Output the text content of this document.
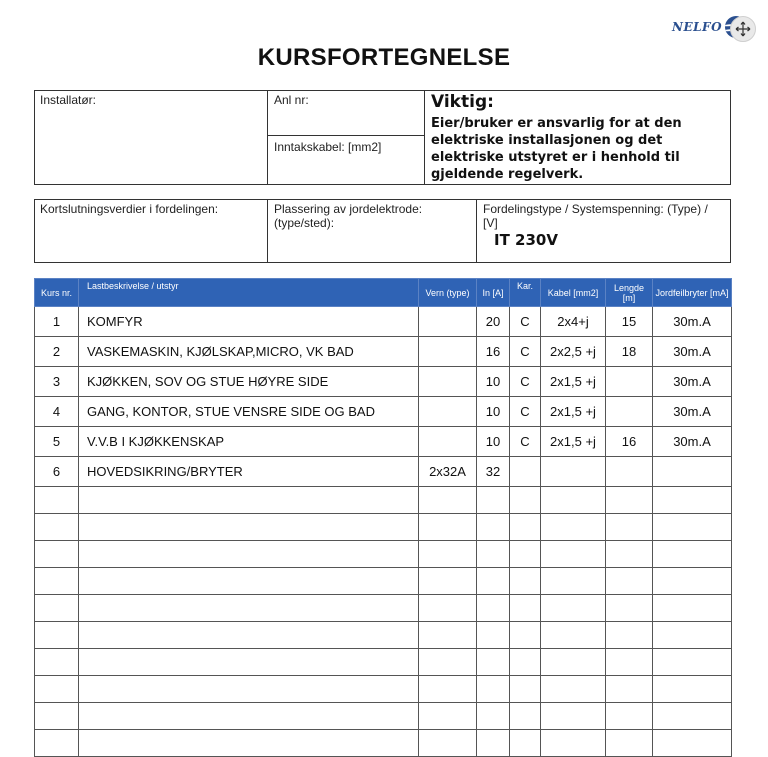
NELFO
KURSFORTEGNELSE
Installatør:	Anl nr:
Inntakskabel: [mm2]
Viktig:
Eier/bruker er ansvarlig for at den elektriske installasjonen og det elektriske utstyret er i henhold til gjeldende regelverk.
Kortslutningsverdier i fordelingen:	Plassering av jordelektrode: (type/sted):
Fordelingstype / Systemspenning: (Type) / [V]
IT 230V
Kurs nr.	Lastbeskrivelse / utstyr	Vern (type)	In [A]	Kar.	Kabel [mm2]	Lengde [m]	Jordfeilbryter [mA]
1	KOMFYR		20	C	2x4+j	15	30m.A
2	VASKEMASKIN, KJØLSKAP,MICRO, VK BAD		16	C	2x2,5 +j	18	30m.A
3	KJØKKEN, SOV OG STUE HØYRE SIDE		10	C	2x1,5 +j		30m.A
4	GANG, KONTOR, STUE VENSRE SIDE OG BAD		10	C	2x1,5 +j		30m.A
5	V.V.B I KJØKKENSKAP		10	C	2x1,5 +j	16	30m.A
6	HOVEDSIKRING/BRYTER	2x32A	32				
